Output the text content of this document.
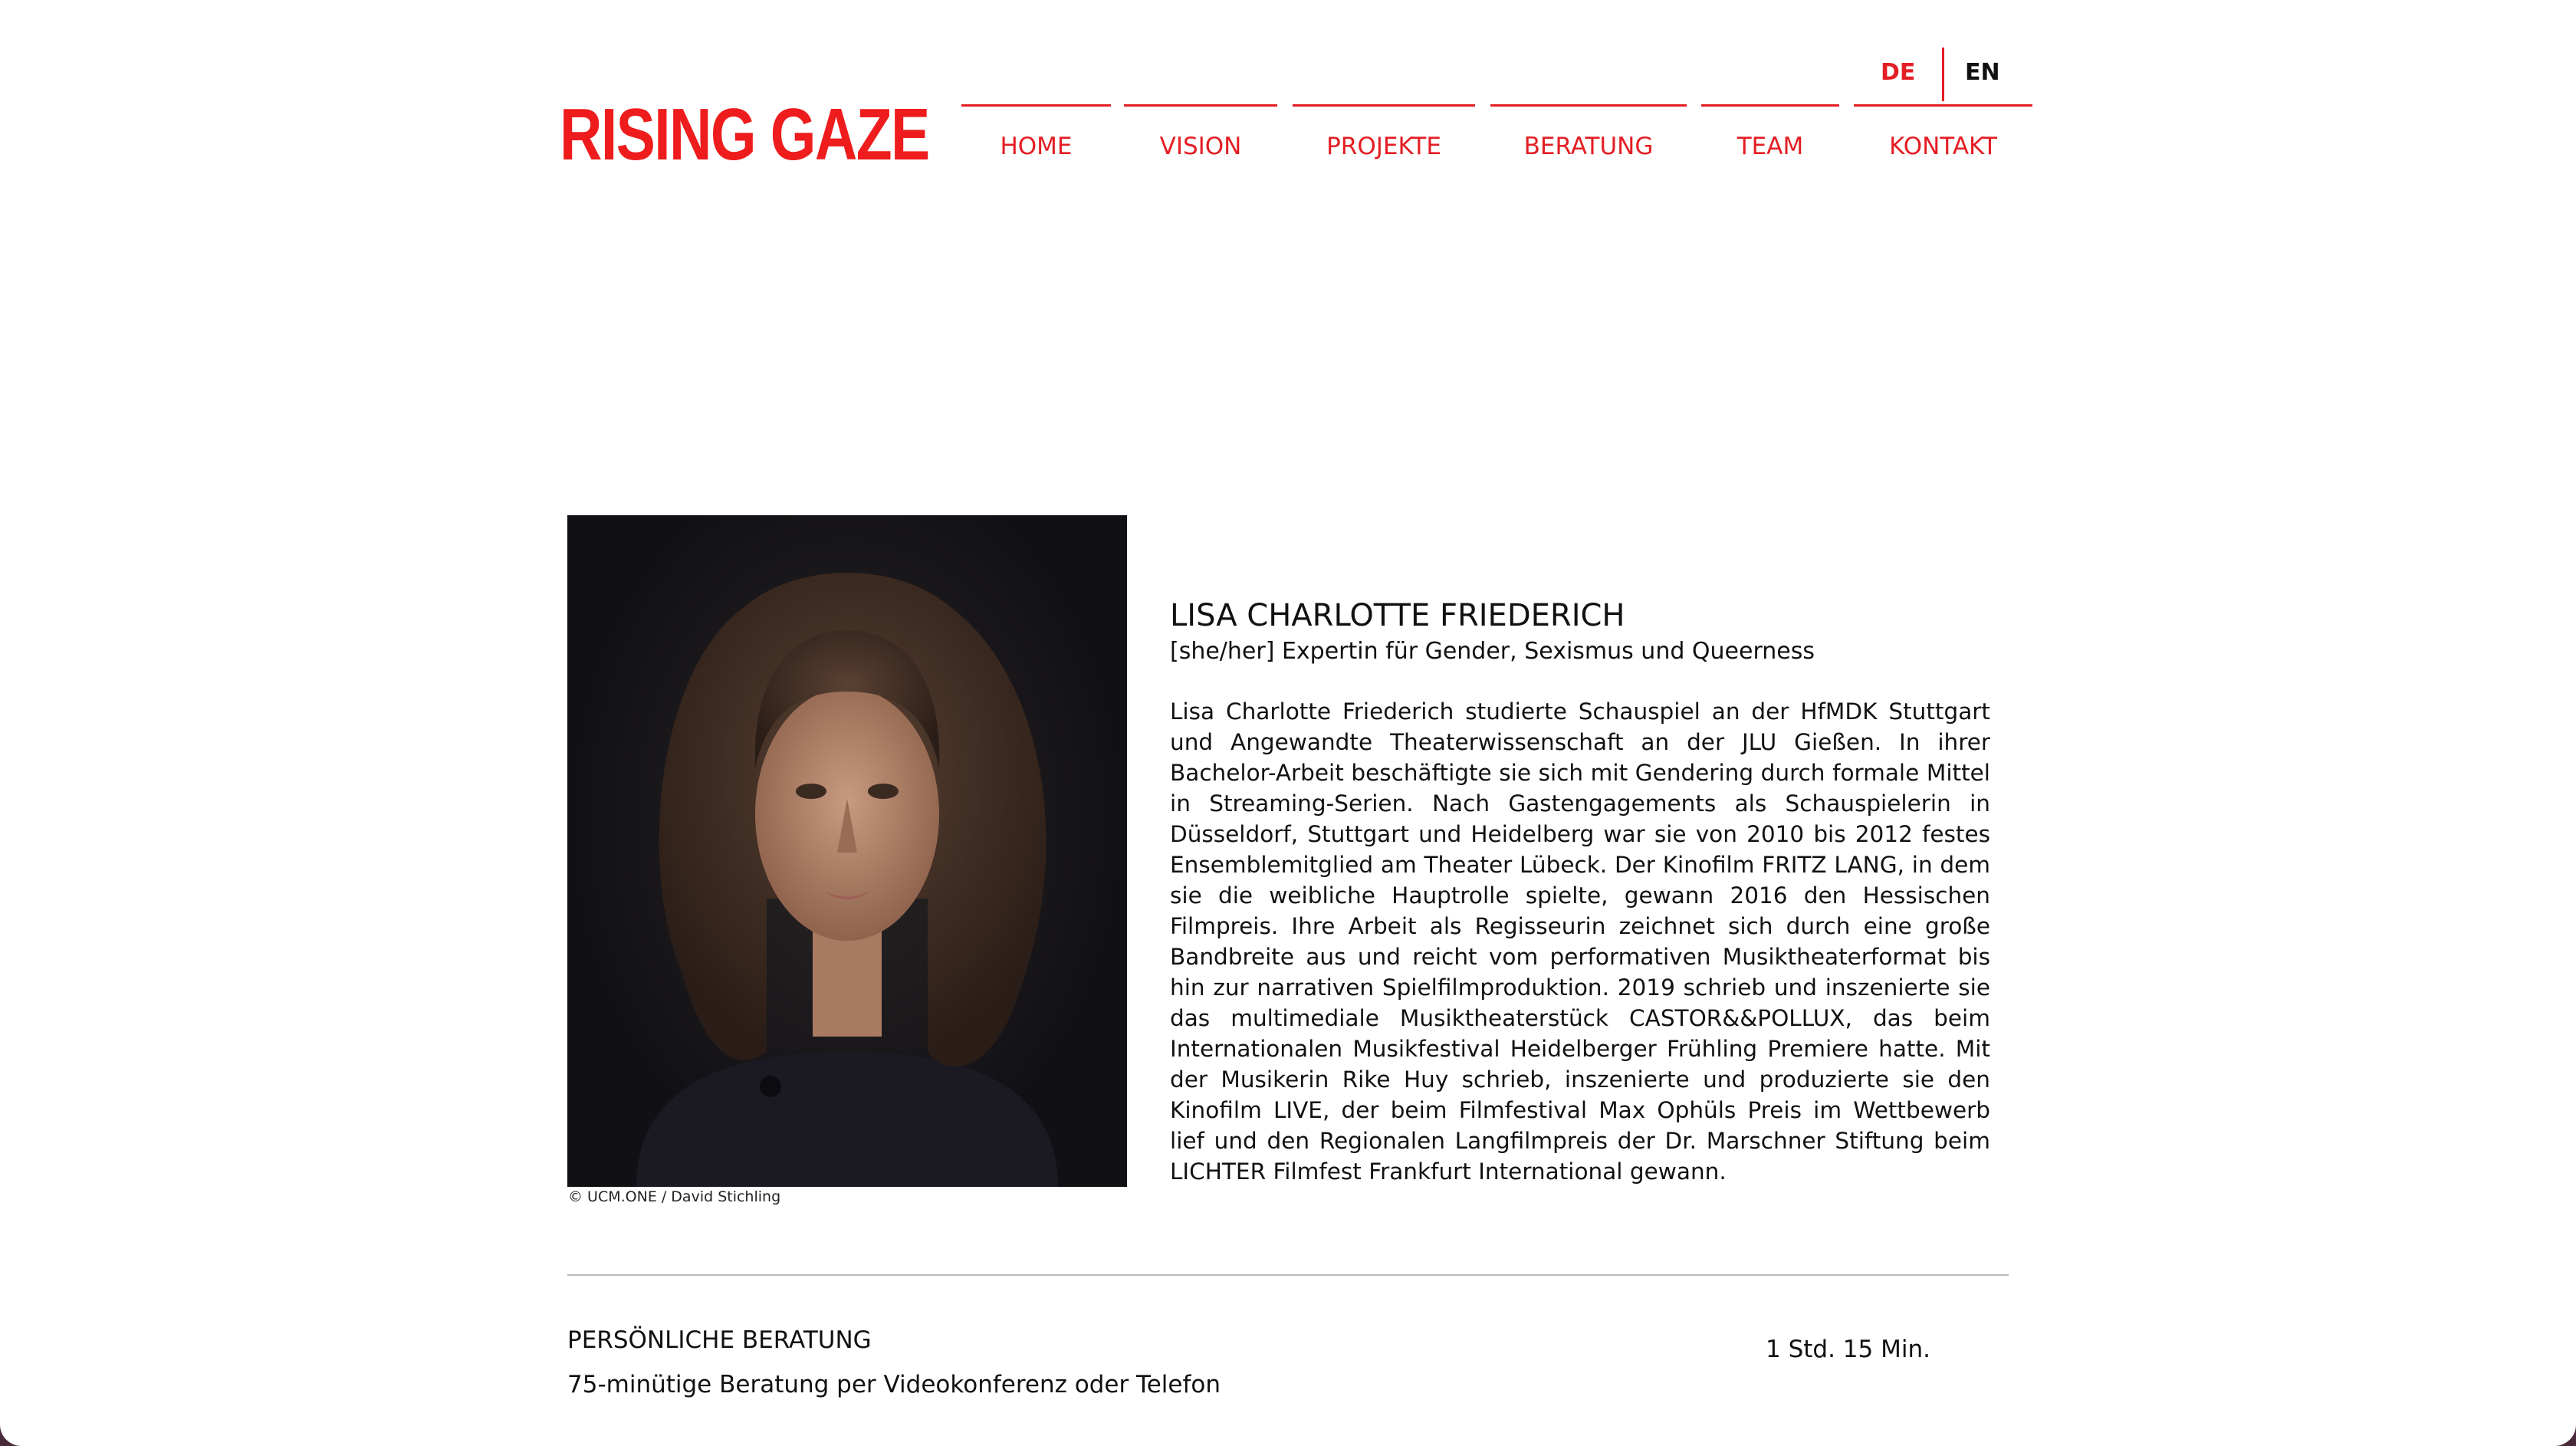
RISING GAZE
DE EN
HOME	VISION	PROJEKTE	BERATUNG	TEAM	KONTAKT
© UCM.ONE / David Stichling
LISA CHARLOTTE FRIEDERICH
[she/her] Expertin für Gender, Sexismus und Queerness

Lisa Charlotte Friederich studierte Schauspiel an der HfMDK Stuttgart und Angewandte Theaterwissenschaft an der JLU Gießen. In ihrer Bachelor-Arbeit beschäftigte sie sich mit Gendering durch formale Mittel in Streaming-Serien. Nach Gastengagements als Schauspielerin in Düsseldorf, Stuttgart und Heidelberg war sie von 2010 bis 2012 festes Ensemblemitglied am Theater Lübeck. Der Kinofilm FRITZ LANG, in dem sie die weibliche Hauptrolle spielte, gewann 2016 den Hessischen Filmpreis. Ihre Arbeit als Regisseurin zeichnet sich durch eine große Bandbreite aus und reicht vom performativen Musiktheaterformat bis hin zur narrativen Spielfilmproduktion. 2019 schrieb und inszenierte sie das multimediale Musiktheaterstück CASTOR&&POLLUX, das beim Internationalen Musikfestival Heidelberger Frühling Premiere hatte. Mit der Musikerin Rike Huy schrieb, inszenierte und produzierte sie den Kinofilm LIVE, der beim Filmfestival Max Ophüls Preis im Wettbewerb lief und den Regionalen Langfilmpreis der Dr. Marschner Stiftung beim LICHTER Filmfest Frankfurt International gewann.

PERSÖNLICHE BERATUNG
75-minütige Beratung per Videokonferenz oder Telefon
1 Std. 15 Min.
